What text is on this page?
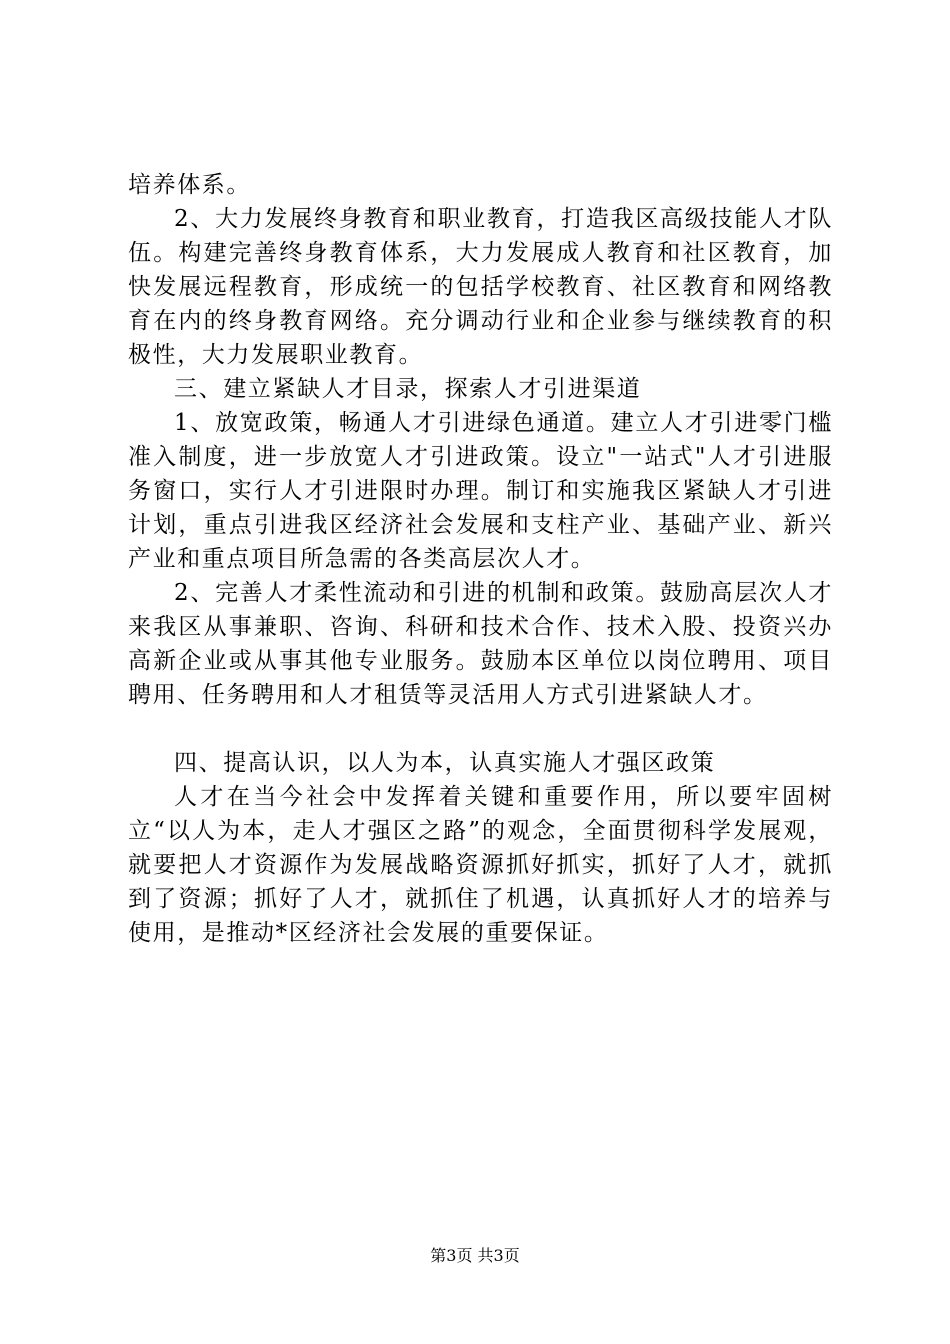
培养体系。

2、大力发展终身教育和职业教育，打造我区高级技能人才队伍。构建完善终身教育体系，大力发展成人教育和社区教育，加快发展远程教育，形成统一的包括学校教育、社区教育和网络教育在内的终身教育网络。充分调动行业和企业参与继续教育的积极性，大力发展职业教育。

三、建立紧缺人才目录，探索人才引进渠道

1、放宽政策，畅通人才引进绿色通道。建立人才引进零门槛准入制度，进一步放宽人才引进政策。设立"一站式"人才引进服务窗口，实行人才引进限时办理。制订和实施我区紧缺人才引进计划，重点引进我区经济社会发展和支柱产业、基础产业、新兴产业和重点项目所急需的各类高层次人才。

2、完善人才柔性流动和引进的机制和政策。鼓励高层次人才来我区从事兼职、咨询、科研和技术合作、技术入股、投资兴办高新企业或从事其他专业服务。鼓励本区单位以岗位聘用、项目聘用、任务聘用和人才租赁等灵活用人方式引进紧缺人才。

四、提高认识，以人为本，认真实施人才强区政策

人才在当今社会中发挥着关键和重要作用，所以要牢固树立“以人为本，走人才强区之路”的观念，全面贯彻科学发展观，就要把人才资源作为发展战略资源抓好抓实，抓好了人才，就抓到了资源；抓好了人才，就抓住了机遇，认真抓好人才的培养与使用，是推动*区经济社会发展的重要保证。

第3页 共3页
